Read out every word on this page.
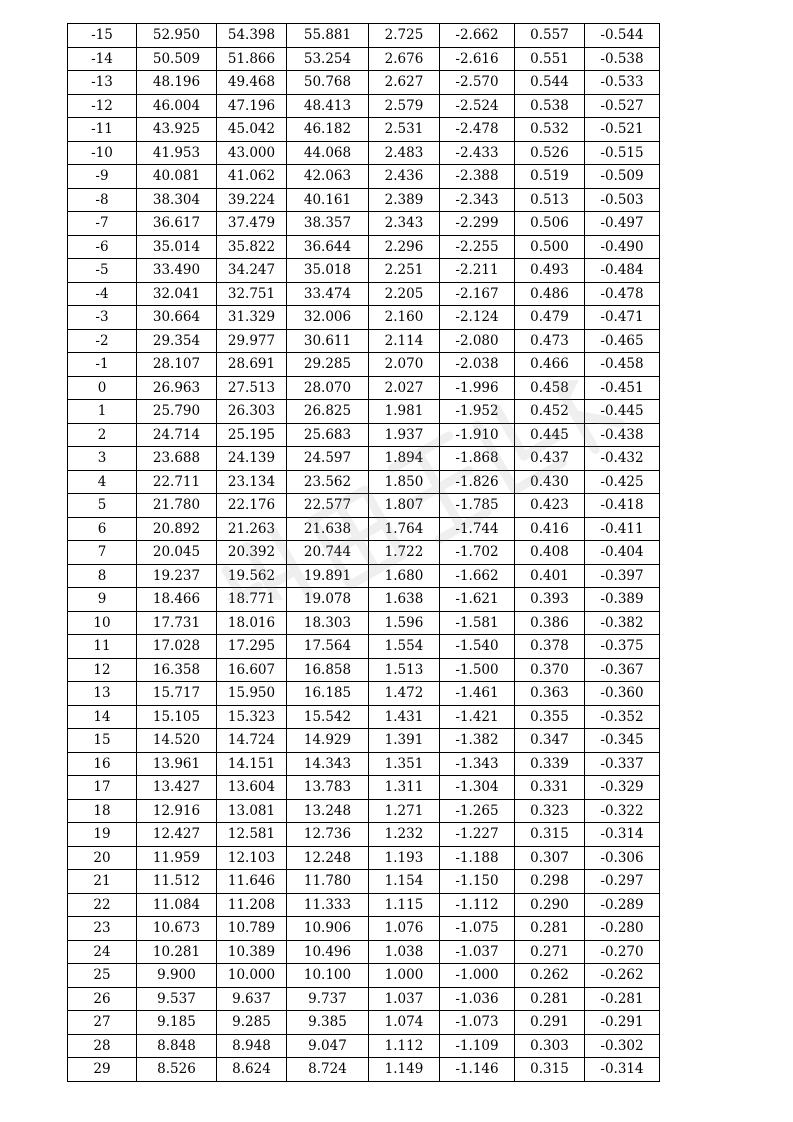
-15	52.950	54.398	55.881	2.725	-2.662	0.557	-0.544
-14	50.509	51.866	53.254	2.676	-2.616	0.551	-0.538
-13	48.196	49.468	50.768	2.627	-2.570	0.544	-0.533
-12	46.004	47.196	48.413	2.579	-2.524	0.538	-0.527
-11	43.925	45.042	46.182	2.531	-2.478	0.532	-0.521
-10	41.953	43.000	44.068	2.483	-2.433	0.526	-0.515
-9	40.081	41.062	42.063	2.436	-2.388	0.519	-0.509
-8	38.304	39.224	40.161	2.389	-2.343	0.513	-0.503
-7	36.617	37.479	38.357	2.343	-2.299	0.506	-0.497
-6	35.014	35.822	36.644	2.296	-2.255	0.500	-0.490
-5	33.490	34.247	35.018	2.251	-2.211	0.493	-0.484
-4	32.041	32.751	33.474	2.205	-2.167	0.486	-0.478
-3	30.664	31.329	32.006	2.160	-2.124	0.479	-0.471
-2	29.354	29.977	30.611	2.114	-2.080	0.473	-0.465
-1	28.107	28.691	29.285	2.070	-2.038	0.466	-0.458
0	26.963	27.513	28.070	2.027	-1.996	0.458	-0.451
1	25.790	26.303	26.825	1.981	-1.952	0.452	-0.445
2	24.714	25.195	25.683	1.937	-1.910	0.445	-0.438
3	23.688	24.139	24.597	1.894	-1.868	0.437	-0.432
4	22.711	23.134	23.562	1.850	-1.826	0.430	-0.425
5	21.780	22.176	22.577	1.807	-1.785	0.423	-0.418
6	20.892	21.263	21.638	1.764	-1.744	0.416	-0.411
7	20.045	20.392	20.744	1.722	-1.702	0.408	-0.404
8	19.237	19.562	19.891	1.680	-1.662	0.401	-0.397
9	18.466	18.771	19.078	1.638	-1.621	0.393	-0.389
10	17.731	18.016	18.303	1.596	-1.581	0.386	-0.382
11	17.028	17.295	17.564	1.554	-1.540	0.378	-0.375
12	16.358	16.607	16.858	1.513	-1.500	0.370	-0.367
13	15.717	15.950	16.185	1.472	-1.461	0.363	-0.360
14	15.105	15.323	15.542	1.431	-1.421	0.355	-0.352
15	14.520	14.724	14.929	1.391	-1.382	0.347	-0.345
16	13.961	14.151	14.343	1.351	-1.343	0.339	-0.337
17	13.427	13.604	13.783	1.311	-1.304	0.331	-0.329
18	12.916	13.081	13.248	1.271	-1.265	0.323	-0.322
19	12.427	12.581	12.736	1.232	-1.227	0.315	-0.314
20	11.959	12.103	12.248	1.193	-1.188	0.307	-0.306
21	11.512	11.646	11.780	1.154	-1.150	0.298	-0.297
22	11.084	11.208	11.333	1.115	-1.112	0.290	-0.289
23	10.673	10.789	10.906	1.076	-1.075	0.281	-0.280
24	10.281	10.389	10.496	1.038	-1.037	0.271	-0.270
25	9.900	10.000	10.100	1.000	-1.000	0.262	-0.262
26	9.537	9.637	9.737	1.037	-1.036	0.281	-0.281
27	9.185	9.285	9.385	1.074	-1.073	0.291	-0.291
28	8.848	8.948	9.047	1.112	-1.109	0.303	-0.302
29	8.526	8.624	8.724	1.149	-1.146	0.315	-0.314
